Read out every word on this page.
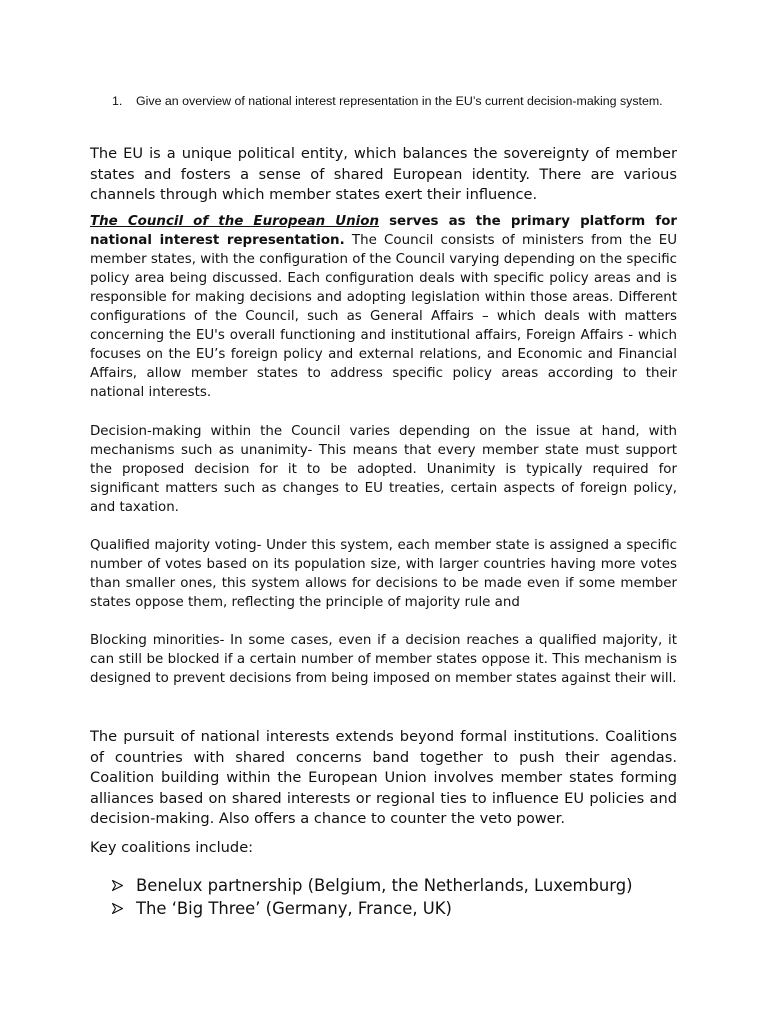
1. Give an overview of national interest representation in the EU’s current decision-making system.

The EU is a unique political entity, which balances the sovereignty of member states and fosters a sense of shared European identity. There are various channels through which member states exert their influence.

The Council of the European Union serves as the primary platform for national interest representation. The Council consists of ministers from the EU member states, with the configuration of the Council varying depending on the specific policy area being discussed. Each configuration deals with specific policy areas and is responsible for making decisions and adopting legislation within those areas. Different configurations of the Council, such as General Affairs – which deals with matters concerning the EU's overall functioning and institutional affairs, Foreign Affairs - which focuses on the EU’s foreign policy and external relations, and Economic and Financial Affairs, allow member states to address specific policy areas according to their national interests.

Decision-making within the Council varies depending on the issue at hand, with mechanisms such as unanimity- This means that every member state must support the proposed decision for it to be adopted. Unanimity is typically required for significant matters such as changes to EU treaties, certain aspects of foreign policy, and taxation.

Qualified majority voting- Under this system, each member state is assigned a specific number of votes based on its population size, with larger countries having more votes than smaller ones, this system allows for decisions to be made even if some member states oppose them, reflecting the principle of majority rule and

Blocking minorities- In some cases, even if a decision reaches a qualified majority, it can still be blocked if a certain number of member states oppose it. This mechanism is designed to prevent decisions from being imposed on member states against their will.

The pursuit of national interests extends beyond formal institutions. Coalitions of countries with shared concerns band together to push their agendas. Coalition building within the European Union involves member states forming alliances based on shared interests or regional ties to influence EU policies and decision-making. Also offers a chance to counter the veto power.

Key coalitions include:

Benelux partnership (Belgium, the Netherlands, Luxemburg)
The ‘Big Three’ (Germany, France, UK)
